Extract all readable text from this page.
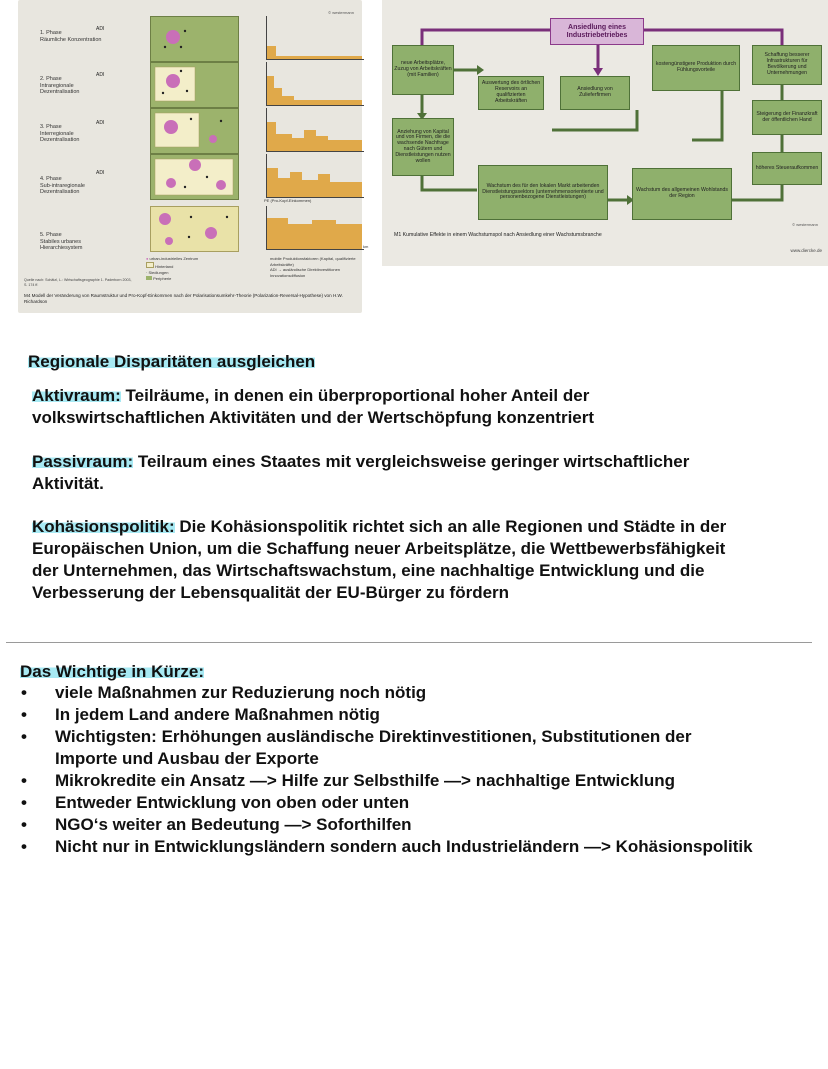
© westermann
1. Phase
Räumliche Konzentration
2. Phase
Intraregionale Dezentralisation
3. Phase
Interregionale Dezentralisation
4. Phase
Sub-intraregionale Dezentralisation
5. Phase
Stabiles urbanes Hierarchiesystem
ADI
ADI
ADI
ADI
PE (Pro-Kopf-Einkommen)
km
● urban-industrielles Zentrum
Hinterland
· Siedlungen
Peripherie
mobile Produktionsfaktoren (Kapital, qualifizierte Arbeitskräfte)
ADI → ausländische Direktinvestitionen
Innovationsdiffusion
Quelle nach: Schätzl, L.: Wirtschaftsgeographie 1. Paderborn 2003, S. 174 ff.
M4 Modell der Veränderung von Raumstruktur und Pro-Kopf-Einkommen nach der Polarisationsumkehr-Theorie (Polarization-Reversal-Hypothese) von H.W. Richardson
Ansiedlung eines Industriebetriebes
neue Arbeitsplätze, Zuzug von Arbeitskräften (mit Familien)
Auswertung des örtlichen Reservoirs an qualifizierten Arbeitskräften
Ansiedlung von Zulieferfirmen
kostengünstigere Produktion durch Fühlungsvorteile
Schaffung besserer Infrastrukturen für Bevölkerung und Unternehmungen
Steigerung der Finanzkraft der öffentlichen Hand
höheres Steueraufkommen
Anziehung von Kapital und von Firmen, die die wachsende Nachfrage nach Gütern und Dienstleistungen nutzen wollen
Wachstum des für den lokalen Markt arbeitenden Dienstleistungssektors (unternehmensorientierte und personenbezogene Dienstleistungen)
Wachstum des allgemeinen Wohlstands der Region
© westermann
M1 Kumulative Effekte in einem Wachstumspol nach Ansiedlung einer Wachstumsbranche
www.diercke.de
Regionale Disparitäten ausgleichen

Aktivraum: Teilräume, in denen ein überproportional hoher Anteil der volkswirtschaftlichen Aktivitäten und der Wertschöpfung konzentriert

Passivraum: Teilraum eines Staates mit vergleichsweise geringer wirtschaftlicher Aktivität.

Kohäsionspolitik: Die Kohäsionspolitik richtet sich an alle Regionen und Städte in der Europäischen Union, um die Schaffung neuer Arbeitsplätze, die Wettbewerbsfähigkeit der Unternehmen, das Wirtschaftswachstum, eine nachhaltige Entwicklung und die Verbesserung der Lebensqualität der EU-Bürger zu fördern

Das Wichtige in Kürze:
• viele Maßnahmen zur Reduzierung noch nötig
• In jedem Land andere Maßnahmen nötig
• Wichtigsten: Erhöhungen ausländische Direktinvestitionen, Substitutionen der Importe und Ausbau der Exporte
• Mikrokredite ein Ansatz —> Hilfe zur Selbsthilfe —> nachhaltige Entwicklung
• Entweder Entwicklung von oben oder unten
• NGO‘s weiter an Bedeutung —> Soforthilfen
• Nicht nur in Entwicklungsländern sondern auch Industrieländern —> Kohäsionspolitik
